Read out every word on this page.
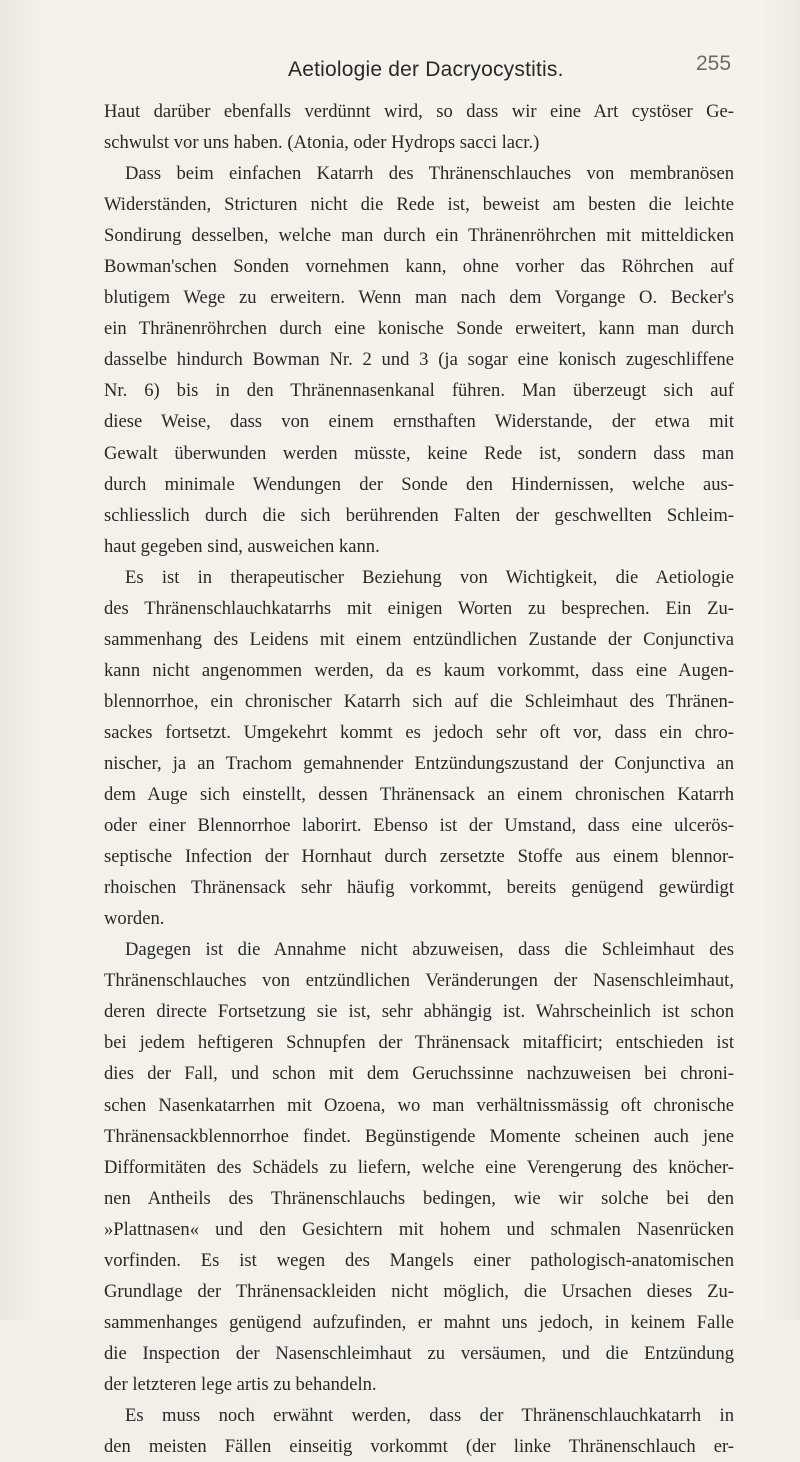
Aetiologie der Dacryocystitis.	255
Haut darüber ebenfalls verdünnt wird, so dass wir eine Art cystöser Ge-
schwulst vor uns haben. (Atonia, oder Hydrops sacci lacr.)
Dass beim einfachen Katarrh des Thränenschlauches von membranösen
Widerständen, Stricturen nicht die Rede ist, beweist am besten die leichte
Sondirung desselben, welche man durch ein Thränenröhrchen mit mitteldicken
Bowman'schen Sonden vornehmen kann, ohne vorher das Röhrchen auf
blutigem Wege zu erweitern. Wenn man nach dem Vorgange O. Becker's
ein Thränenröhrchen durch eine konische Sonde erweitert, kann man durch
dasselbe hindurch Bowman Nr. 2 und 3 (ja sogar eine konisch zugeschliffene
Nr. 6) bis in den Thränennasenkanal führen. Man überzeugt sich auf
diese Weise, dass von einem ernsthaften Widerstande, der etwa mit
Gewalt überwunden werden müsste, keine Rede ist, sondern dass man
durch minimale Wendungen der Sonde den Hindernissen, welche aus-
schliesslich durch die sich berührenden Falten der geschwellten Schleim-
haut gegeben sind, ausweichen kann.
Es ist in therapeutischer Beziehung von Wichtigkeit, die Aetiologie
des Thränenschlauchkatarrhs mit einigen Worten zu besprechen. Ein Zu-
sammenhang des Leidens mit einem entzündlichen Zustande der Conjunctiva
kann nicht angenommen werden, da es kaum vorkommt, dass eine Augen-
blennorrhoe, ein chronischer Katarrh sich auf die Schleimhaut des Thränen-
sackes fortsetzt. Umgekehrt kommt es jedoch sehr oft vor, dass ein chro-
nischer, ja an Trachom gemahnender Entzündungszustand der Conjunctiva an
dem Auge sich einstellt, dessen Thränensack an einem chronischen Katarrh
oder einer Blennorrhoe laborirt. Ebenso ist der Umstand, dass eine ulcerös-
septische Infection der Hornhaut durch zersetzte Stoffe aus einem blennor-
rhoischen Thränensack sehr häufig vorkommt, bereits genügend gewürdigt
worden.
Dagegen ist die Annahme nicht abzuweisen, dass die Schleimhaut des
Thränenschlauches von entzündlichen Veränderungen der Nasenschleimhaut,
deren directe Fortsetzung sie ist, sehr abhängig ist. Wahrscheinlich ist schon
bei jedem heftigeren Schnupfen der Thränensack mitafficirt; entschieden ist
dies der Fall, und schon mit dem Geruchssinne nachzuweisen bei chroni-
schen Nasenkatarrhen mit Ozoena, wo man verhältnissmässig oft chronische
Thränensackblennorrhoe findet. Begünstigende Momente scheinen auch jene
Difformitäten des Schädels zu liefern, welche eine Verengerung des knöcher-
nen Antheils des Thränenschlauchs bedingen, wie wir solche bei den
»Plattnasen« und den Gesichtern mit hohem und schmalen Nasenrücken
vorfinden. Es ist wegen des Mangels einer pathologisch-anatomischen
Grundlage der Thränensackleiden nicht möglich, die Ursachen dieses Zu-
sammenhanges genügend aufzufinden, er mahnt uns jedoch, in keinem Falle
die Inspection der Nasenschleimhaut zu versäumen, und die Entzündung
der letzteren lege artis zu behandeln.
Es muss noch erwähnt werden, dass der Thränenschlauchkatarrh in
den meisten Fällen einseitig vorkommt (der linke Thränenschlauch er-
